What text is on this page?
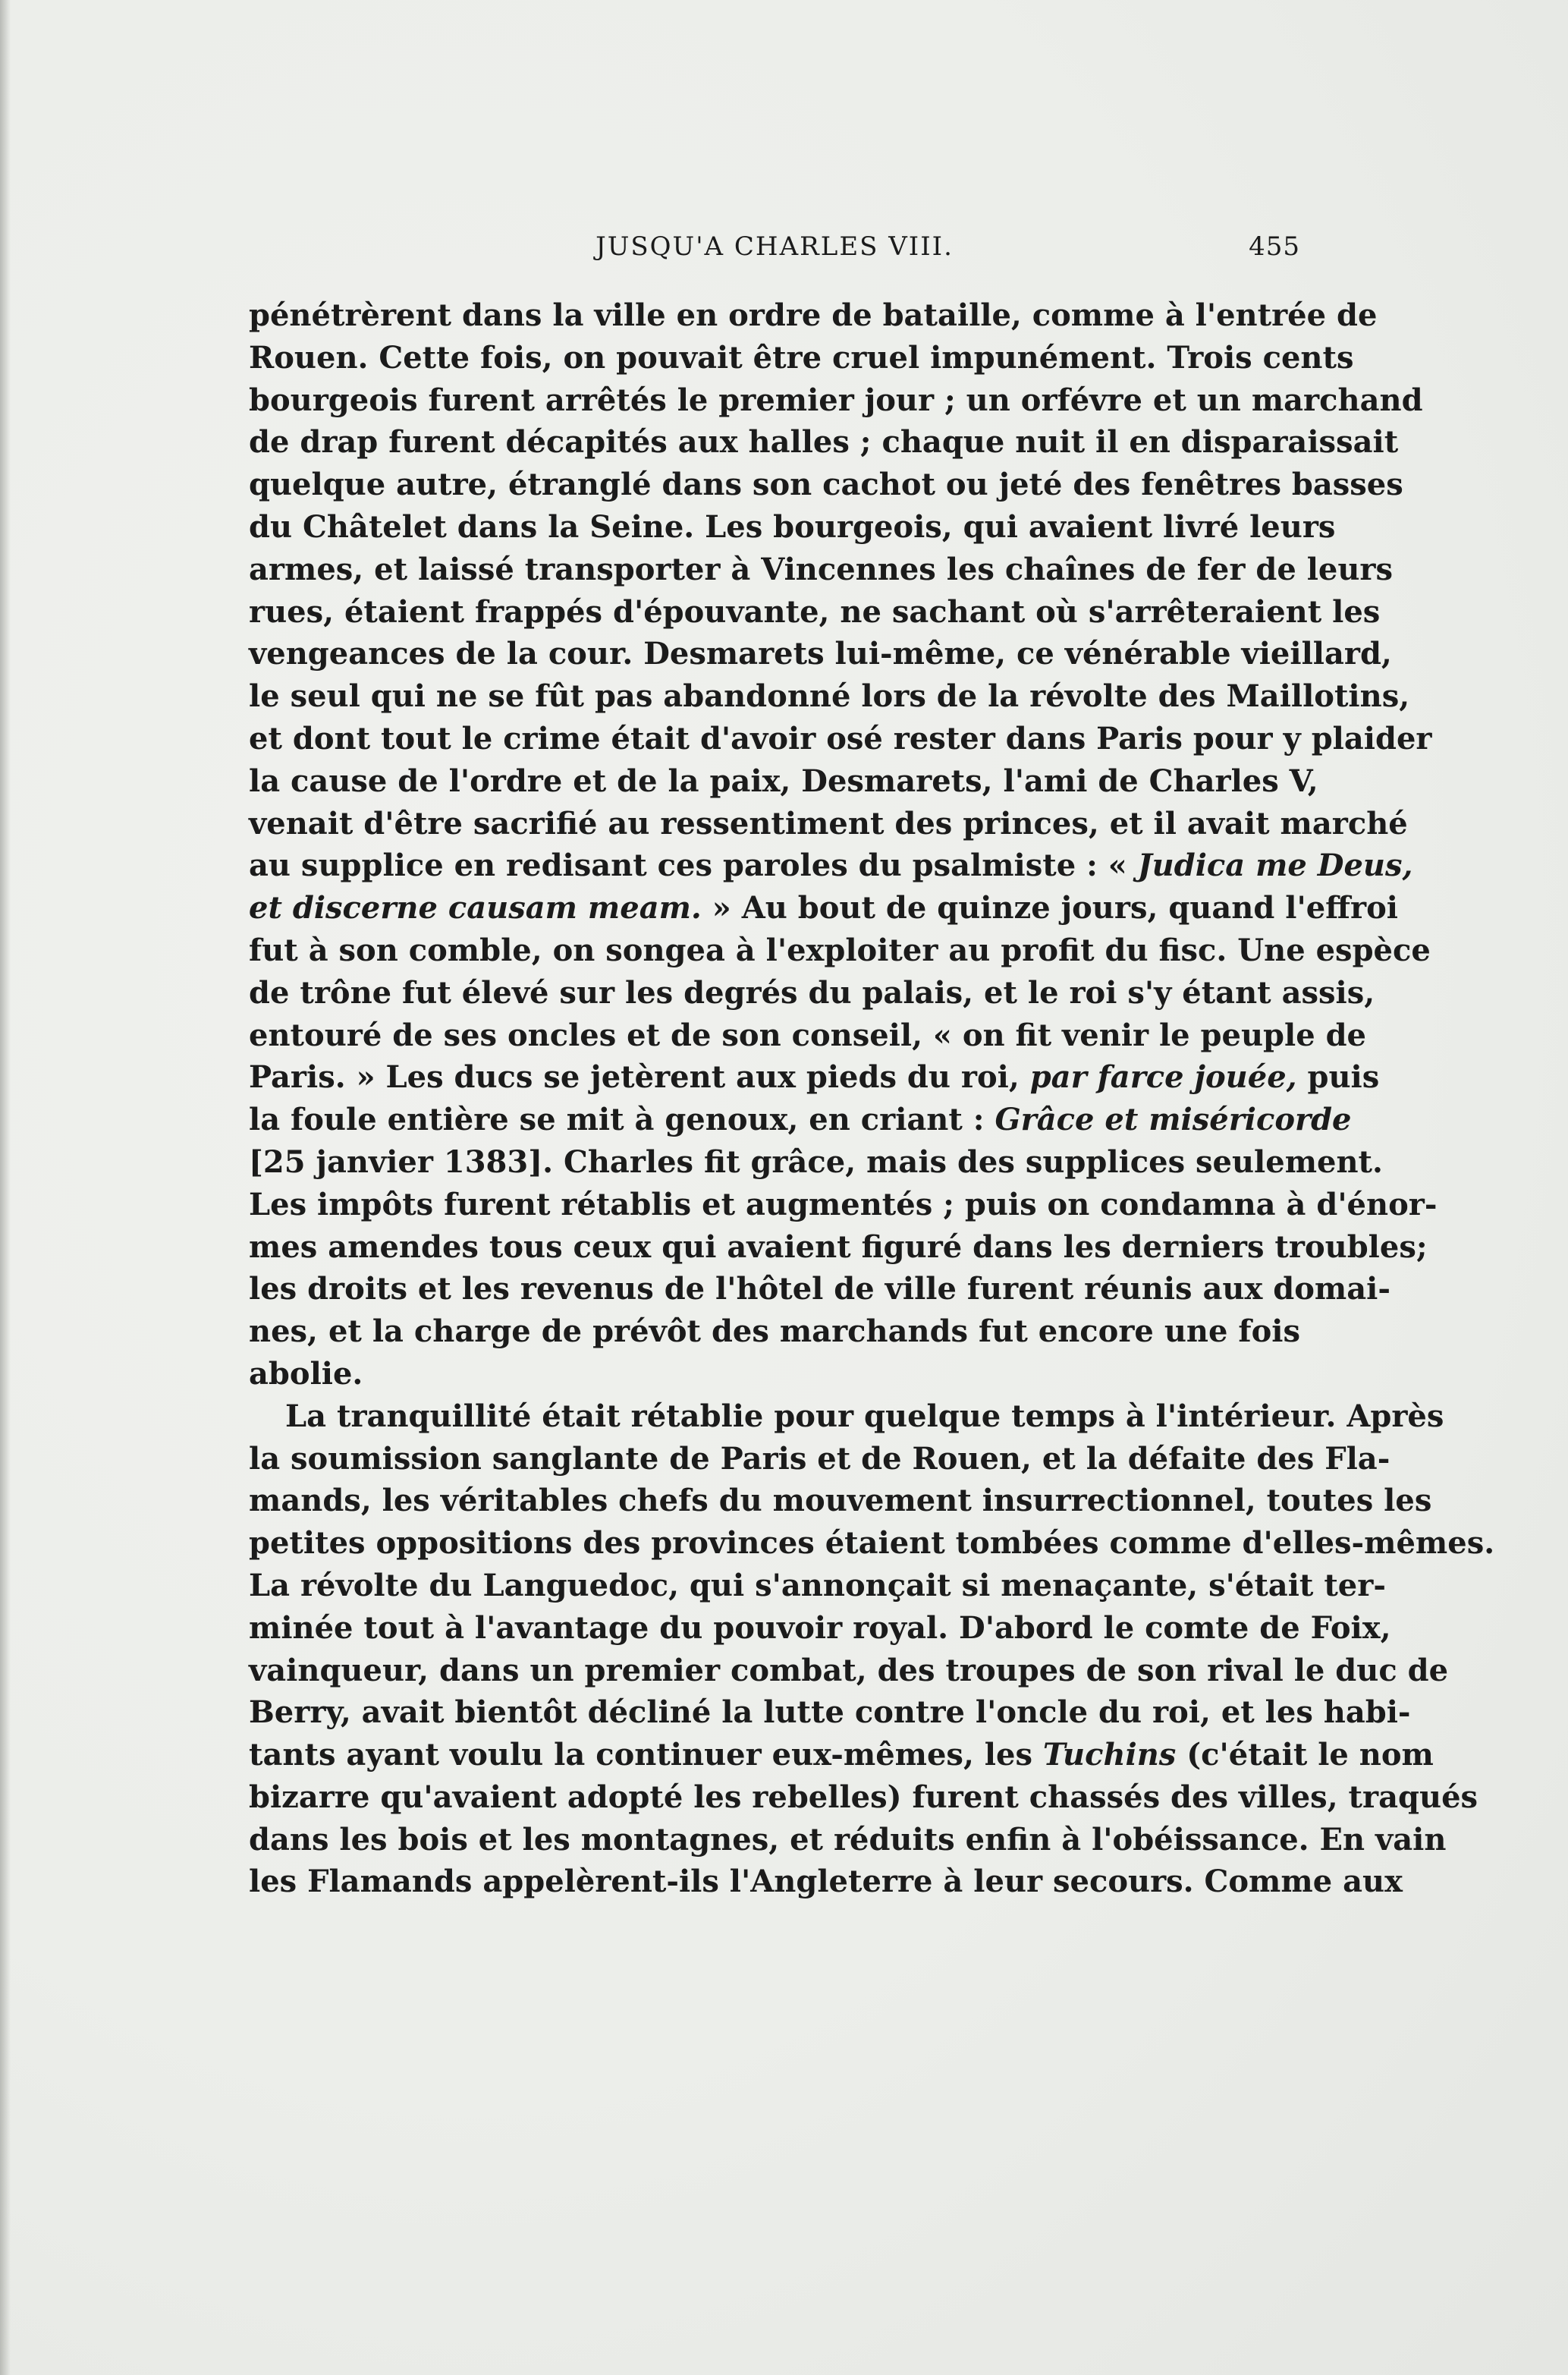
JUSQU'A CHARLES VIII.	455
pénétrèrent dans la ville en ordre de bataille, comme à l'entrée de
Rouen. Cette fois, on pouvait être cruel impunément. Trois cents
bourgeois furent arrêtés le premier jour ; un orfévre et un marchand
de drap furent décapités aux halles ; chaque nuit il en disparaissait
quelque autre, étranglé dans son cachot ou jeté des fenêtres basses
du Châtelet dans la Seine. Les bourgeois, qui avaient livré leurs
armes, et laissé transporter à Vincennes les chaînes de fer de leurs
rues, étaient frappés d'épouvante, ne sachant où s'arrêteraient les
vengeances de la cour. Desmarets lui-même, ce vénérable vieillard,
le seul qui ne se fût pas abandonné lors de la révolte des Maillotins,
et dont tout le crime était d'avoir osé rester dans Paris pour y plaider
la cause de l'ordre et de la paix, Desmarets, l'ami de Charles V,
venait d'être sacrifié au ressentiment des princes, et il avait marché
au supplice en redisant ces paroles du psalmiste : « Judica me Deus,
et discerne causam meam. » Au bout de quinze jours, quand l'effroi
fut à son comble, on songea à l'exploiter au profit du fisc. Une espèce
de trône fut élevé sur les degrés du palais, et le roi s'y étant assis,
entouré de ses oncles et de son conseil, « on fit venir le peuple de
Paris. » Les ducs se jetèrent aux pieds du roi, par farce jouée, puis
la foule entière se mit à genoux, en criant : Grâce et miséricorde
[25 janvier 1383]. Charles fit grâce, mais des supplices seulement.
Les impôts furent rétablis et augmentés ; puis on condamna à d'énor-
mes amendes tous ceux qui avaient figuré dans les derniers troubles;
les droits et les revenus de l'hôtel de ville furent réunis aux domai-
nes, et la charge de prévôt des marchands fut encore une fois
abolie.
La tranquillité était rétablie pour quelque temps à l'intérieur. Après
la soumission sanglante de Paris et de Rouen, et la défaite des Fla-
mands, les véritables chefs du mouvement insurrectionnel, toutes les
petites oppositions des provinces étaient tombées comme d'elles-mêmes.
La révolte du Languedoc, qui s'annonçait si menaçante, s'était ter-
minée tout à l'avantage du pouvoir royal. D'abord le comte de Foix,
vainqueur, dans un premier combat, des troupes de son rival le duc de
Berry, avait bientôt décliné la lutte contre l'oncle du roi, et les habi-
tants ayant voulu la continuer eux-mêmes, les Tuchins (c'était le nom
bizarre qu'avaient adopté les rebelles) furent chassés des villes, traqués
dans les bois et les montagnes, et réduits enfin à l'obéissance. En vain
les Flamands appelèrent-ils l'Angleterre à leur secours. Comme aux
